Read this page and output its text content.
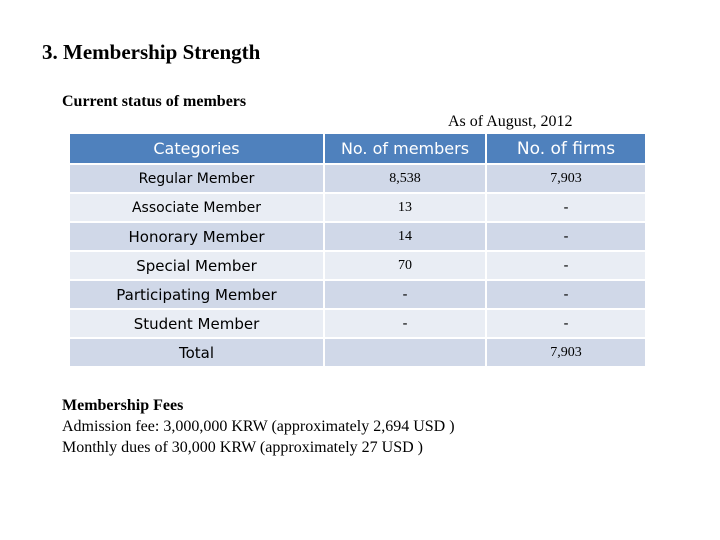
3. Membership Strength
Current status of members
As of August, 2012
Categories	No. of members	No. of firms
Regular Member	8,538	7,903
Associate Member	13	-
Honorary Member	14	-
Special Member	70	-
Participating Member	-	-
Student Member	-	-
Total		7,903
Membership Fees
Admission fee: 3,000,000 KRW (approximately 2,694 USD )
Monthly dues of 30,000 KRW (approximately 27 USD )
